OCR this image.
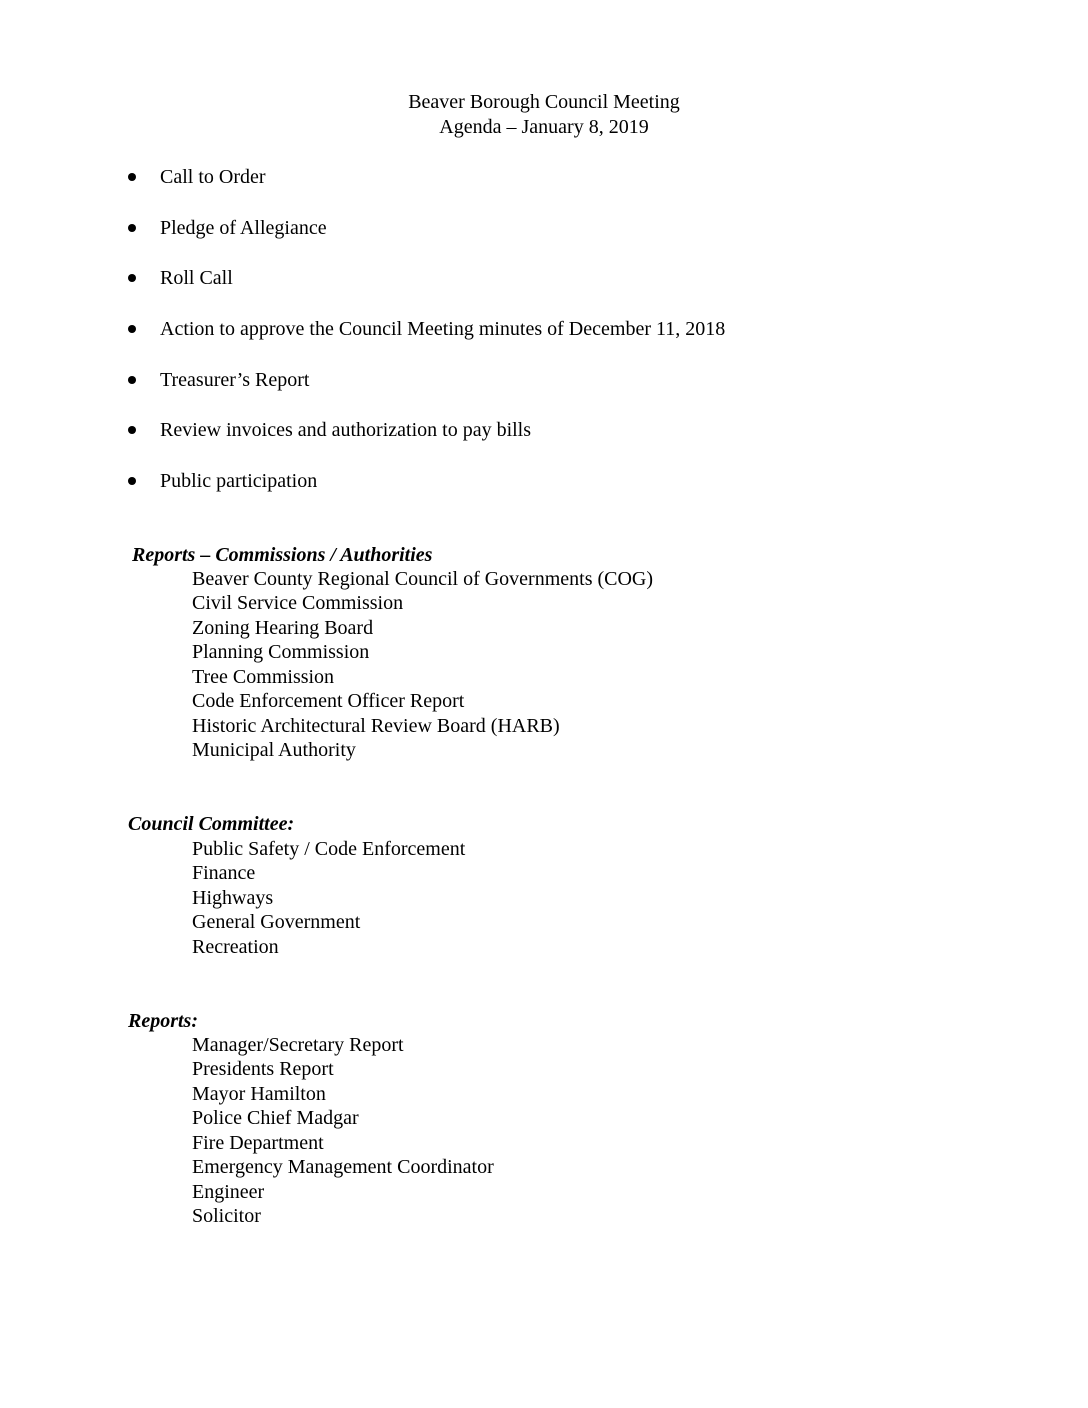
Beaver Borough Council Meeting
Agenda – January 8, 2019
Call to Order
Pledge of Allegiance
Roll Call
Action to approve the Council Meeting minutes of December 11, 2018
Treasurer’s Report
Review invoices and authorization to pay bills
Public participation
Reports – Commissions / Authorities
Beaver County Regional Council of Governments (COG)
Civil Service Commission
Zoning Hearing Board
Planning Commission
Tree Commission
Code Enforcement Officer Report
Historic Architectural Review Board (HARB)
Municipal Authority
Council Committee:
Public Safety / Code Enforcement
Finance
Highways
General Government
Recreation
Reports:
Manager/Secretary Report
Presidents Report
Mayor Hamilton
Police Chief Madgar
Fire Department
Emergency Management Coordinator
Engineer
Solicitor
